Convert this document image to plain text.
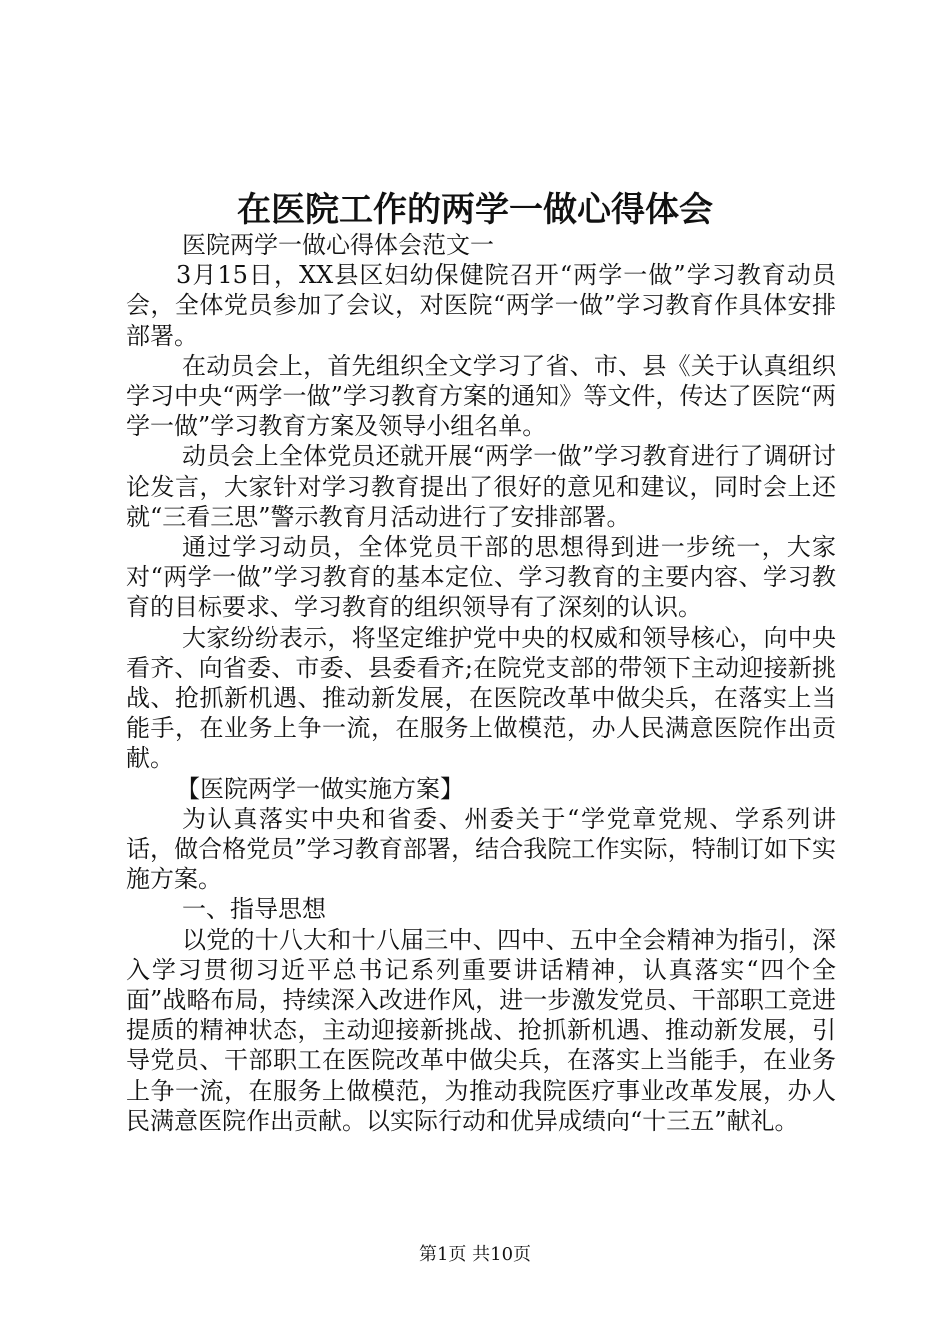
在医院工作的两学一做心得体会

医院两学一做心得体会范文一

3月15日，XX县区妇幼保健院召开“两学一做”学习教育动员会，全体党员参加了会议，对医院“两学一做”学习教育作具体安排部署。

在动员会上，首先组织全文学习了省、市、县《关于认真组织学习中央“两学一做”学习教育方案的通知》等文件，传达了医院“两学一做”学习教育方案及领导小组名单。

动员会上全体党员还就开展“两学一做”学习教育进行了调研讨论发言，大家针对学习教育提出了很好的意见和建议，同时会上还就“三看三思”警示教育月活动进行了安排部署。

通过学习动员，全体党员干部的思想得到进一步统一，大家对“两学一做”学习教育的基本定位、学习教育的主要内容、学习教育的目标要求、学习教育的组织领导有了深刻的认识。

大家纷纷表示，将坚定维护党中央的权威和领导核心，向中央看齐、向省委、市委、县委看齐;在院党支部的带领下主动迎接新挑战、抢抓新机遇、推动新发展，在医院改革中做尖兵，在落实上当能手，在业务上争一流，在服务上做模范，办人民满意医院作出贡献。

【医院两学一做实施方案】

为认真落实中央和省委、州委关于“学党章党规、学系列讲话，做合格党员”学习教育部署，结合我院工作实际，特制订如下实施方案。

一、指导思想

以党的十八大和十八届三中、四中、五中全会精神为指引，深入学习贯彻习近平总书记系列重要讲话精神，认真落实“四个全面”战略布局，持续深入改进作风，进一步激发党员、干部职工竞进提质的精神状态，主动迎接新挑战、抢抓新机遇、推动新发展，引导党员、干部职工在医院改革中做尖兵，在落实上当能手，在业务上争一流，在服务上做模范，为推动我院医疗事业改革发展，办人民满意医院作出贡献。以实际行动和优异成绩向“十三五”献礼。

第1页 共10页
